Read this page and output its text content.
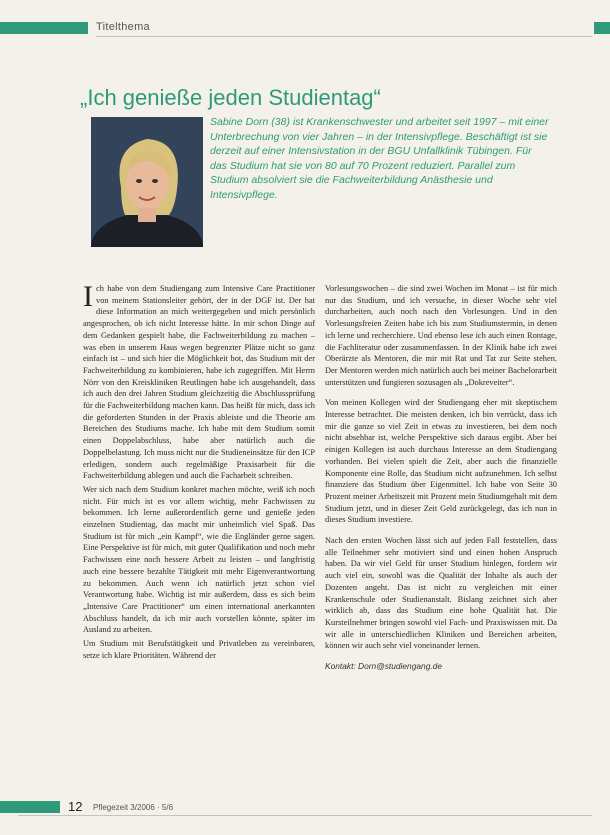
Titelthema
„Ich genieße jeden Studientag“

Sabine Dorn (38) ist Krankenschwester und arbeitet seit 1997 – mit einer Unterbrechung von vier Jahren – in der Intensivpflege. Beschäftigt ist sie derzeit auf einer Intensivstation in der BGU Unfallklinik Tübingen. Für das Studium hat sie von 80 auf 70 Prozent reduziert. Parallel zum Studium absolviert sie die Fachweiterbildung Anästhesie und Intensivpflege.

Ich habe von dem Studiengang zum Intensive Care Practitioner von meinem Stationsleiter gehört, der in der DGF ist. Der hat diese Information an mich weitergegeben und mich persönlich angesprochen, ob ich nicht Interesse hätte. In mir schon Dinge auf dem Gedanken gespielt habe, die Fachweiterbildung zu machen – was eben in unserem Haus wegen begrenzter Plätze nicht so ganz einfach ist – und sich hier die Möglichkeit bot, das Studium mit der Fachweiterbildung zu kombinieren, habe ich zugegriffen. Mit Herrn Nörr von den Kreiskliniken Reutlingen habe ich ausgehandelt, dass ich auch den drei Jahren Studium gleichzeitig die Abschlussprüfung für die Fachweiterbildung machen kann. Das heißt für mich, dass ich die geforderten Stunden in der Praxis ableiste und die Theorie am Bereichen des Studiums mache. Ich habe mit dem Studium somit einen Doppelabschluss, habe aber natürlich auch die Doppelbelastung. Ich muss nicht nur die Studieneinsätze für den ICP erledigen, sondern auch regelmäßige Praxisarbeit für die Fachweiterbildung ablegen und auch die Facharbeit schreiben.

Wer sich nach dem Studium konkret machen möchte, weiß ich noch nicht. Für mich ist es vor allem wichtig, mehr Fachwissen zu bekommen. Ich lerne außerordentlich gerne und genieße jeden einzelnen Studientag, das macht mir unheimlich viel Spaß. Das Studium ist für mich „ein Kampf“, wie die Engländer gerne sagen. Eine Perspektive ist für mich, mit guter Qualifikation und noch mehr Fachwissen eine noch bessere Arbeit zu leisten – und langfristig auch eine bessere bezahlte Tätigkeit mit mehr Eigenverantwortung zu bekommen. Auch wenn ich natürlich jetzt schon viel Verantwortung habe. Wichtig ist mir außerdem, dass es sich beim „Intensive Care Practitioner“ um einen international anerkannten Abschluss handelt, da ich mir auch vorstellen könnte, später im Ausland zu arbeiten.

Um Studium mit Berufstätigkeit und Privatleben zu vereinbaren, setze ich klare Prioritäten. Während der

Vorlesungswochen – die sind zwei Wochen im Monat – ist für mich nur das Studium, und ich versuche, in dieser Woche sehr viel durcharbeiten, auch noch nach den Vorlesungen. Und in den Vorlesungsfreien Zeiten habe ich bis zum Studiumstermin, in denen ich lerne und recherchiere. Und ebenso lese ich auch einen Rontage, die Fachliteratur oder zusammenfassen. In der Klinik habe ich zwei Oberärzte als Mentoren, die mir mit Rat und Tat zur Seite stehen. Der Mentoren werden mich natürlich auch bei meiner Bachelorarbeit unterstützen und fungieren sozusagen als „Dokreveiter“.

Von meinen Kollegen wird der Studiengang eher mit skeptischem Interesse betrachtet. Die meisten denken, ich bin verrückt, dass ich mir die ganze so viel Zeit in etwas zu investieren, bei dem noch nicht absehbar ist, welche Perspektive sich daraus ergibt. Aber bei einigen Kollegen ist auch durchaus Interesse an dem Studiengang vorhanden. Bei vielen spielt die Zeit, aber auch die finanzielle Komponente eine Rolle, das Studium nicht aufzunehmen. Ich selbst finanziere das Studium über Eigenmittel. Ich habe von Seite 30 Prozent meiner Arbeitszeit mit Prozent mein Studiumgehalt mit dem Studium jetzt, und in dieser Zeit Geld zurückgelegt, das ich nun in dieses Studium investiere.

Nach den ersten Wochen lässt sich auf jeden Fall feststellen, dass alle Teilnehmer sehr motiviert sind und einen hohen Anspruch haben. Da wir viel Geld für unser Studium hinlegen, fordern wir auch viel ein, sowohl was die Qualität der Inhalte als auch der Dozenten angeht. Das ist nicht zu vergleichen mit einer Krankenschule oder Studienanstalt. Bislang zeichnet sich aber wirklich ab, dass das Studium eine hohe Qualität hat. Die Kursteilnehmer bringen sowohl viel Fach- und Praxiswissen mit. Da wir alle in unterschiedlichen Kliniken und Bereichen arbeiten, können wir auch sehr viel voneinander lernen.

Kontakt: Dorn@studiengang.de
12 Pflegezeit 3/2006 · 5/6
